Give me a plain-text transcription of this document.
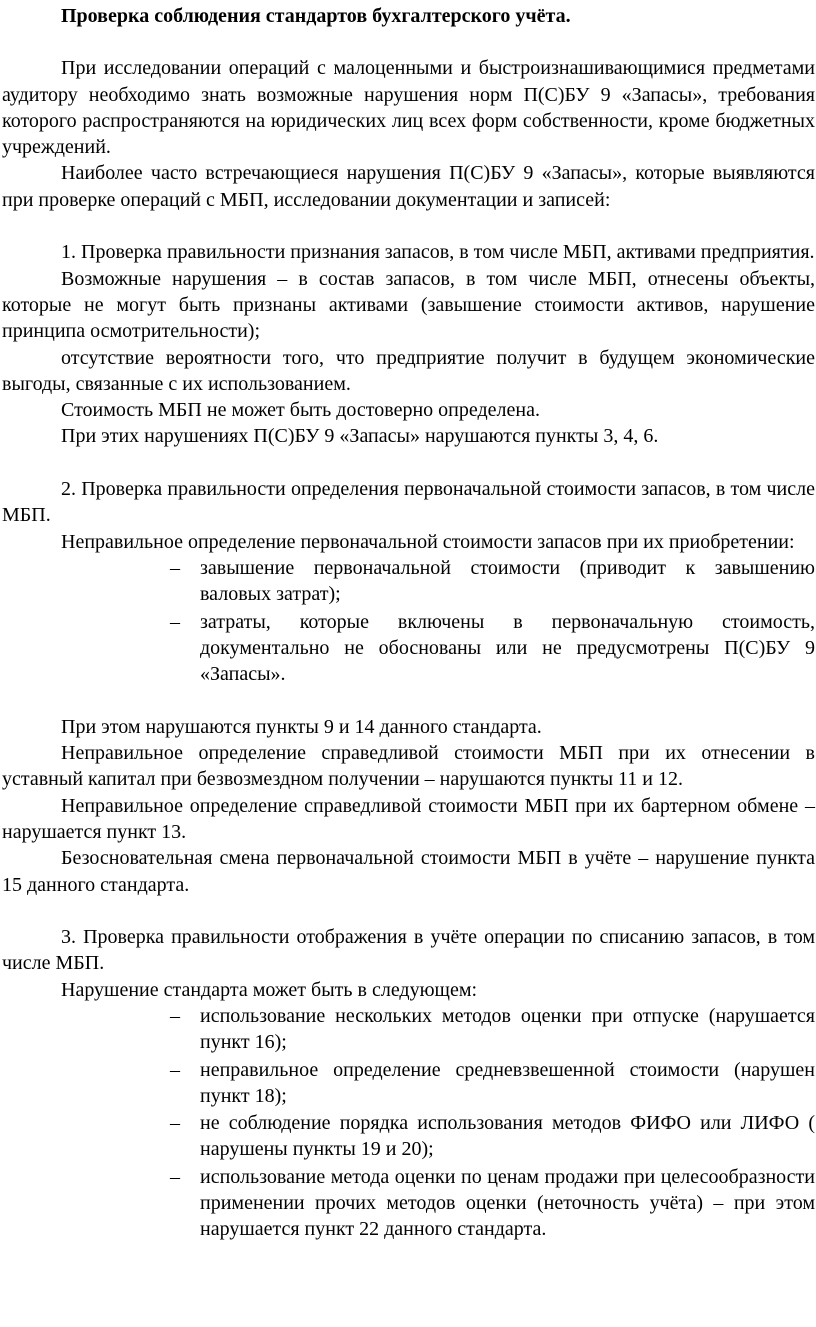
Проверка соблюдения стандартов бухгалтерского учёта.

При исследовании операций с малоценными и быстроизнашивающимися предметами аудитору необходимо знать возможные нарушения норм П(С)БУ 9 «Запасы», требования которого распространяются на юридических лиц всех форм собственности, кроме бюджетных учреждений.

Наиболее часто встречающиеся нарушения П(С)БУ 9 «Запасы», которые выявляются при проверке операций с МБП, исследовании документации и записей:

1. Проверка правильности признания запасов, в том числе МБП, активами предприятия.

Возможные нарушения – в состав запасов, в том числе МБП, отнесены объекты, которые не могут быть признаны активами (завышение стоимости активов, нарушение принципа осмотрительности);

отсутствие вероятности того, что предприятие получит в будущем экономические выгоды, связанные с их использованием.

Стоимость МБП не может быть достоверно определена.

При этих нарушениях П(С)БУ 9 «Запасы» нарушаются пункты 3, 4, 6.

2. Проверка правильности определения первоначальной стоимости запасов, в том числе МБП.

Неправильное определение первоначальной стоимости запасов при их приобретении:

– завышение первоначальной стоимости (приводит к завышению валовых затрат);
– затраты, которые включены в первоначальную стоимость, документально не обоснованы или не предусмотрены П(С)БУ 9 «Запасы».

При этом нарушаются пункты 9 и 14 данного стандарта.

Неправильное определение справедливой стоимости МБП при их отнесении в уставный капитал при безвозмездном получении – нарушаются пункты 11 и 12.

Неправильное определение справедливой стоимости МБП при их бартерном обмене – нарушается пункт 13.

Безосновательная смена первоначальной стоимости МБП в учёте – нарушение пункта 15 данного стандарта.

3. Проверка правильности отображения в учёте операции по списанию запасов, в том числе МБП.

Нарушение стандарта может быть в следующем:

– использование нескольких методов оценки при отпуске (нарушается пункт 16);
– неправильное определение средневзвешенной стоимости (нарушен пункт 18);
– не соблюдение порядка использования методов ФИФО или ЛИФО ( нарушены пункты 19 и 20);
– использование метода оценки по ценам продажи при целесообразности применении прочих методов оценки (неточность учёта) – при этом нарушается пункт 22 данного стандарта.
